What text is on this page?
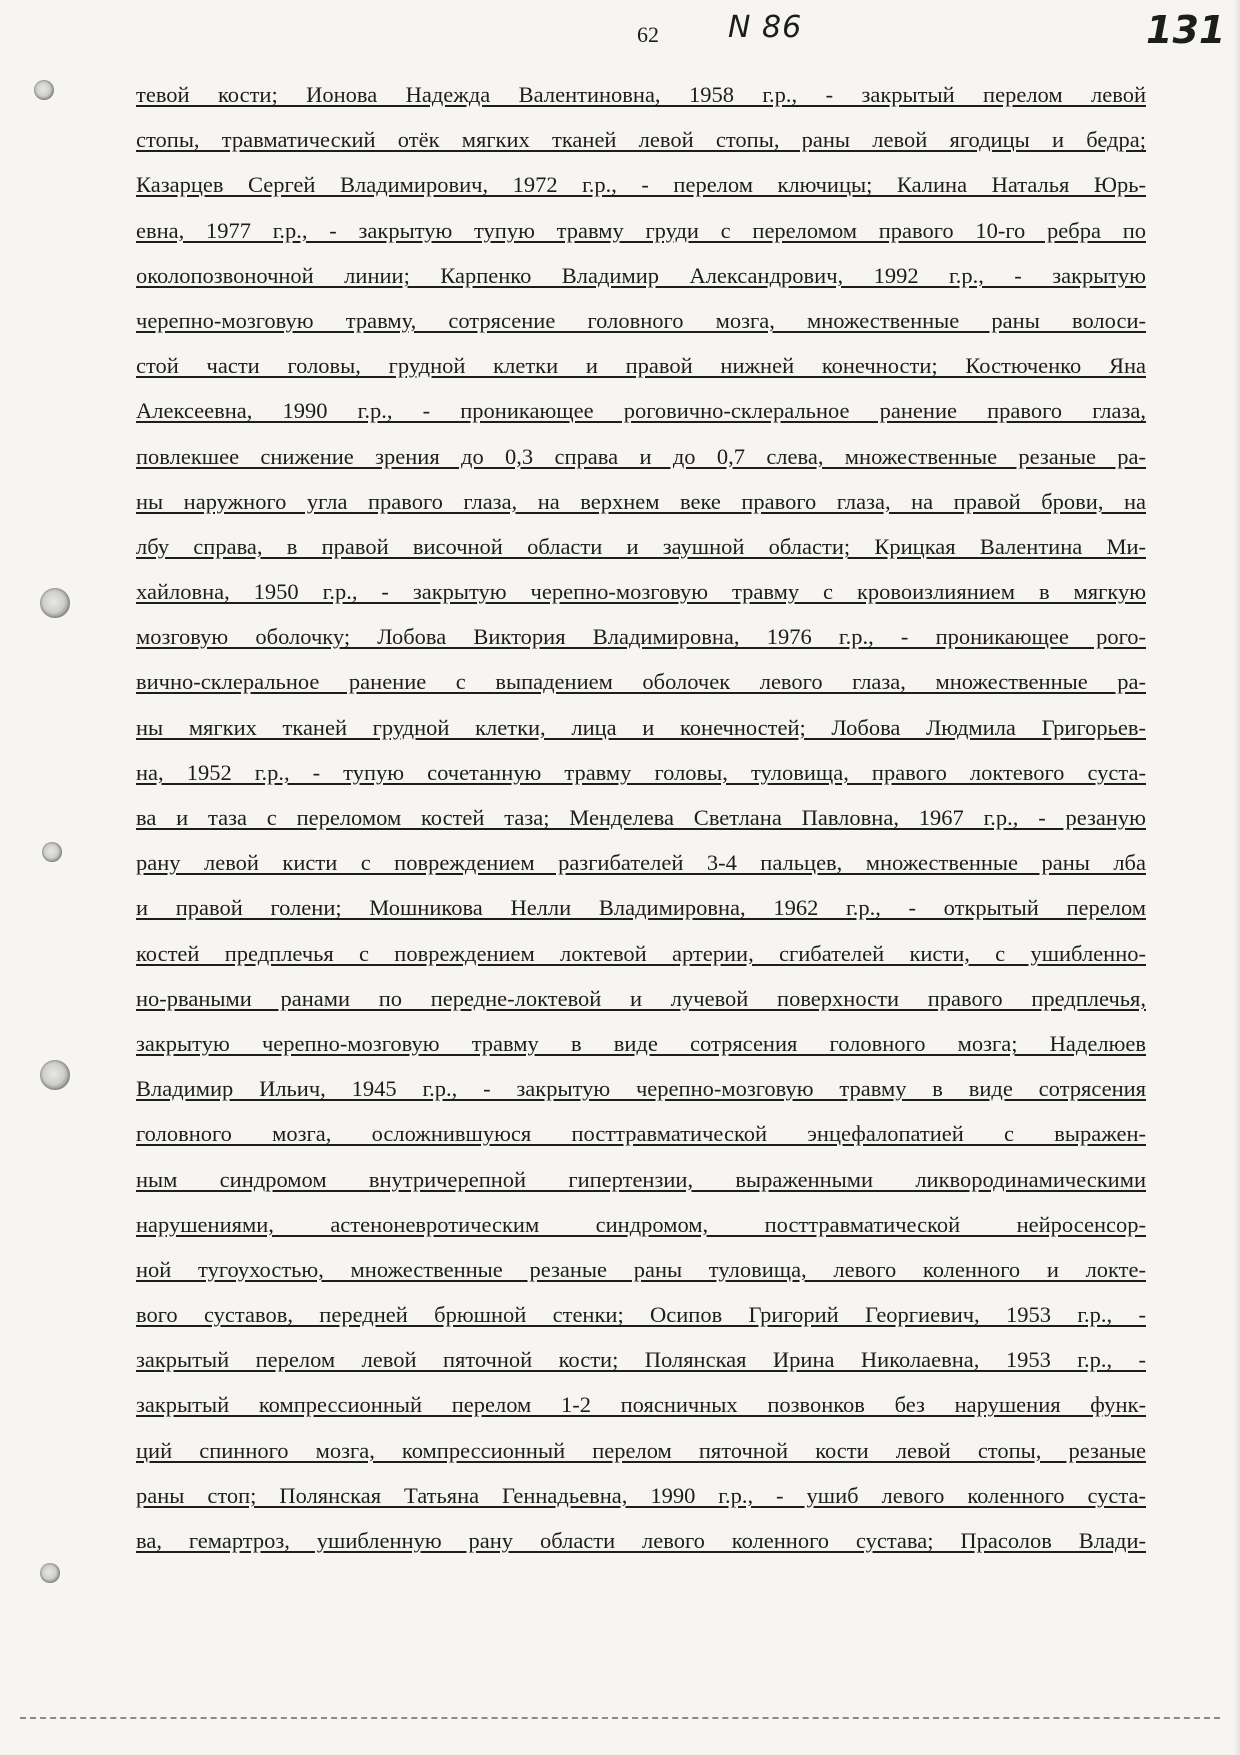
62 N 86	131
тевой кости; Ионова Надежда Валентиновна, 1958 г.р., - закрытый перелом левой
стопы, травматический отёк мягких тканей левой стопы, раны левой ягодицы и бедра;
Казарцев Сергей Владимирович, 1972 г.р., - перелом ключицы; Калина Наталья Юрь-
евна, 1977 г.р., - закрытую тупую травму груди с переломом правого 10-го ребра по
околопозвоночной линии; Карпенко Владимир Александрович, 1992 г.р., - закрытую
черепно-мозговую травму, сотрясение головного мозга, множественные раны волоси-
стой части головы, грудной клетки и правой нижней конечности; Костюченко Яна
Алексеевна, 1990 г.р., - проникающее роговично-склеральное ранение правого глаза,
повлекшее снижение зрения до 0,3 справа и до 0,7 слева, множественные резаные ра-
ны наружного угла правого глаза, на верхнем веке правого глаза, на правой брови, на
лбу справа, в правой височной области и заушной области; Крицкая Валентина Ми-
хайловна, 1950 г.р., - закрытую черепно-мозговую травму с кровоизлиянием в мягкую
мозговую оболочку; Лобова Виктория Владимировна, 1976 г.р., - проникающее рого-
вично-склеральное ранение с выпадением оболочек левого глаза, множественные ра-
ны мягких тканей грудной клетки, лица и конечностей; Лобова Людмила Григорьев-
на, 1952 г.р., - тупую сочетанную травму головы, туловища, правого локтевого суста-
ва и таза с переломом костей таза; Менделева Светлана Павловна, 1967 г.р., - резаную
рану левой кисти с повреждением разгибателей 3-4 пальцев, множественные раны лба
и правой голени; Мошникова Нелли Владимировна, 1962 г.р., - открытый перелом
костей предплечья с повреждением локтевой артерии, сгибателей кисти, с ушибленно-
но-рваными ранами по передне-локтевой и лучевой поверхности правого предплечья,
закрытую черепно-мозговую травму в виде сотрясения головного мозга; Наделюев
Владимир Ильич, 1945 г.р., - закрытую черепно-мозговую травму в виде сотрясения
головного мозга, осложнившуюся посттравматической энцефалопатией с выражен-
ным синдромом внутричерепной гипертензии, выраженными ликвородинамическими
нарушениями, астеноневротическим синдромом, посттравматической нейросенсор-
ной тугоухостью, множественные резаные раны туловища, левого коленного и локте-
вого суставов, передней брюшной стенки; Осипов Григорий Георгиевич, 1953 г.р., -
закрытый перелом левой пяточной кости; Полянская Ирина Николаевна, 1953 г.р., -
закрытый компрессионный перелом 1-2 поясничных позвонков без нарушения функ-
ций спинного мозга, компрессионный перелом пяточной кости левой стопы, резаные
раны стоп; Полянская Татьяна Геннадьевна, 1990 г.р., - ушиб левого коленного суста-
ва, гемартроз, ушибленную рану области левого коленного сустава; Прасолов Влади-
